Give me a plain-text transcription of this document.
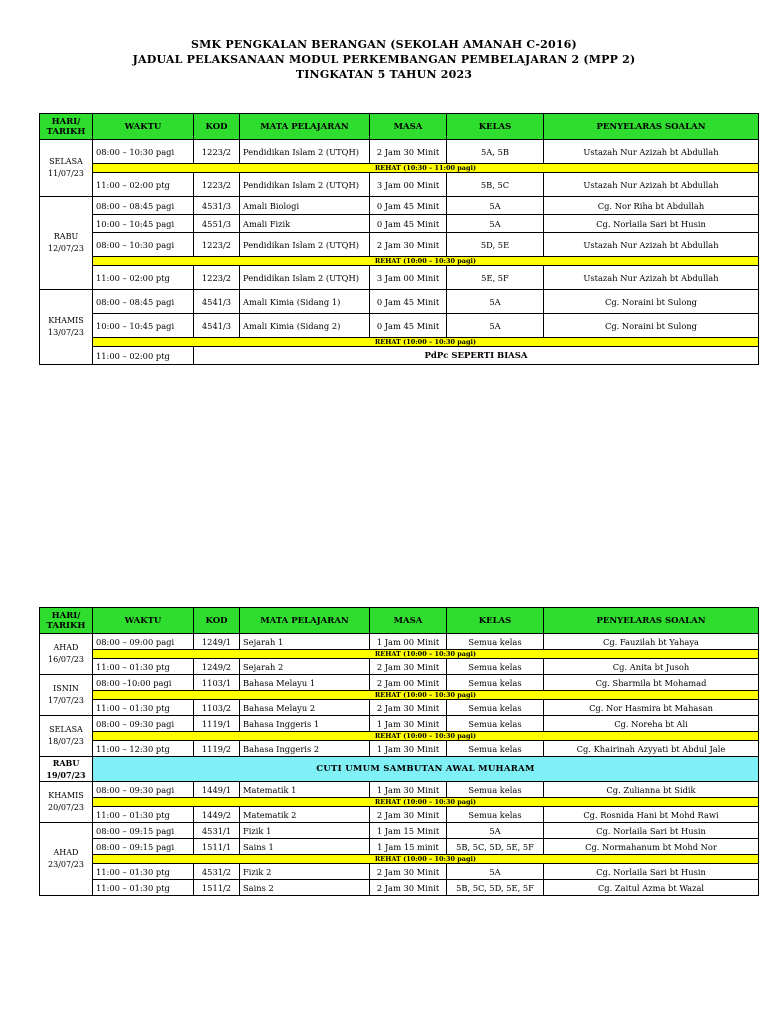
SMK PENGKALAN BERANGAN (SEKOLAH AMANAH C-2016)
JADUAL PELAKSANAAN MODUL PERKEMBANGAN PEMBELAJARAN 2 (MPP 2)
TINGKATAN 5 TAHUN 2023
HARI/
TARIKH	WAKTU	KOD	MATA PELAJARAN	MASA	KELAS	PENYELARAS SOALAN
SELASA
11/07/23	08:00 – 10:30 pagi	1223/2	Pendidikan Islam 2 (UTQH)	2 Jam 30 Minit	5A, 5B	Ustazah Nur Azizah bt Abdullah
	REHAT (10:30 – 11:00 pagi)					
	11:00 – 02:00 ptg	1223/2	Pendidikan Islam 2 (UTQH)	3 Jam 00 Minit	5B, 5C	Ustazah Nur Azizah bt Abdullah
RABU
12/07/23	08:00 – 08:45 pagi	4531/3	Amali Biologi	0 Jam 45 Minit	5A	Cg. Nor Riha bt Abdullah
	10:00 – 10:45 pagi	4551/3	Amali Fizik	0 Jam 45 Minit	5A	Cg. Norlaila Sari bt Husin
	08:00 – 10:30 pagi	1223/2	Pendidikan Islam 2 (UTQH)	2 Jam 30 Minit	5D, 5E	Ustazah Nur Azizah bt Abdullah
	REHAT (10:00 – 10:30 pagi)					
	11:00 – 02:00 ptg	1223/2	Pendidikan Islam 2 (UTQH)	3 Jam 00 Minit	5E, 5F	Ustazah Nur Azizah bt Abdullah
KHAMIS
13/07/23	08:00 – 08:45 pagi	4541/3	Amali Kimia (Sidang 1)	0 Jam 45 Minit	5A	Cg. Noraini bt Sulong
	10:00 – 10:45 pagi	4541/3	Amali Kimia (Sidang 2)	0 Jam 45 Minit	5A	Cg. Noraini bt Sulong
	REHAT (10:00 – 10:30 pagi)					
	11:00 – 02:00 ptg	PdPc SEPERTI BIASA				
HARI/
TARIKH	WAKTU	KOD	MATA PELAJARAN	MASA	KELAS	PENYELARAS SOALAN
AHAD
16/07/23	08:00 – 09:00 pagi	1249/1	Sejarah 1	1 Jam 00 Minit	Semua kelas	Cg. Fauzilah bt Yahaya
	REHAT (10:00 – 10:30 pagi)					
	11:00 – 01:30 ptg	1249/2	Sejarah 2	2 Jam 30 Minit	Semua kelas	Cg. Anita bt Jusoh
ISNIN
17/07/23	08:00 –10:00 pagi	1103/1	Bahasa Melayu 1	2 Jam 00 Minit	Semua kelas	Cg. Sharmila bt Mohamad
	REHAT (10:00 – 10:30 pagi)					
	11:00 – 01:30 ptg	1103/2	Bahasa Melayu 2	2 Jam 30 Minit	Semua kelas	Cg. Nor Hasmira bt Mahasan
SELASA
18/07/23	08:00 – 09:30 pagi	1119/1	Bahasa Inggeris 1	1 Jam 30 Minit	Semua kelas	Cg. Noreha bt Ali
	REHAT (10:00 – 10:30 pagi)					
	11:00 – 12:30 ptg	1119/2	Bahasa Inggeris 2	1 Jam 30 Minit	Semua kelas	Cg. Khairinah Azyyati bt Abdul Jale
RABU
19/07/23	CUTI UMUM SAMBUTAN AWAL MUHARAM					
KHAMIS
20/07/23	08:00 – 09:30 pagi	1449/1	Matematik 1	1 Jam 30 Minit	Semua kelas	Cg. Zulianna bt Sidik
	REHAT (10:00 – 10:30 pagi)					
	11:00 – 01:30 ptg	1449/2	Matematik 2	2 Jam 30 Minit	Semua kelas	Cg. Rosnida Hani bt Mohd Rawi
AHAD
23/07/23	08:00 – 09:15 pagi	4531/1	Fizik 1	1 Jam 15 Minit	5A	Cg. Norlaila Sari bt Husin
	08:00 – 09:15 pagi	1511/1	Sains 1	1 Jam 15 minit	5B, 5C, 5D, 5E, 5F	Cg. Normahanum bt Mohd Nor
	REHAT (10:00 – 10:30 pagi)					
	11:00 – 01:30 ptg	4531/2	Fizik 2	2 Jam 30 Minit	5A	Cg. Norlaila Sari bt Husin
	11:00 – 01:30 ptg	1511/2	Sains 2	2 Jam 30 Minit	5B, 5C, 5D, 5E, 5F	Cg. Zaitul Azma bt Wazal
